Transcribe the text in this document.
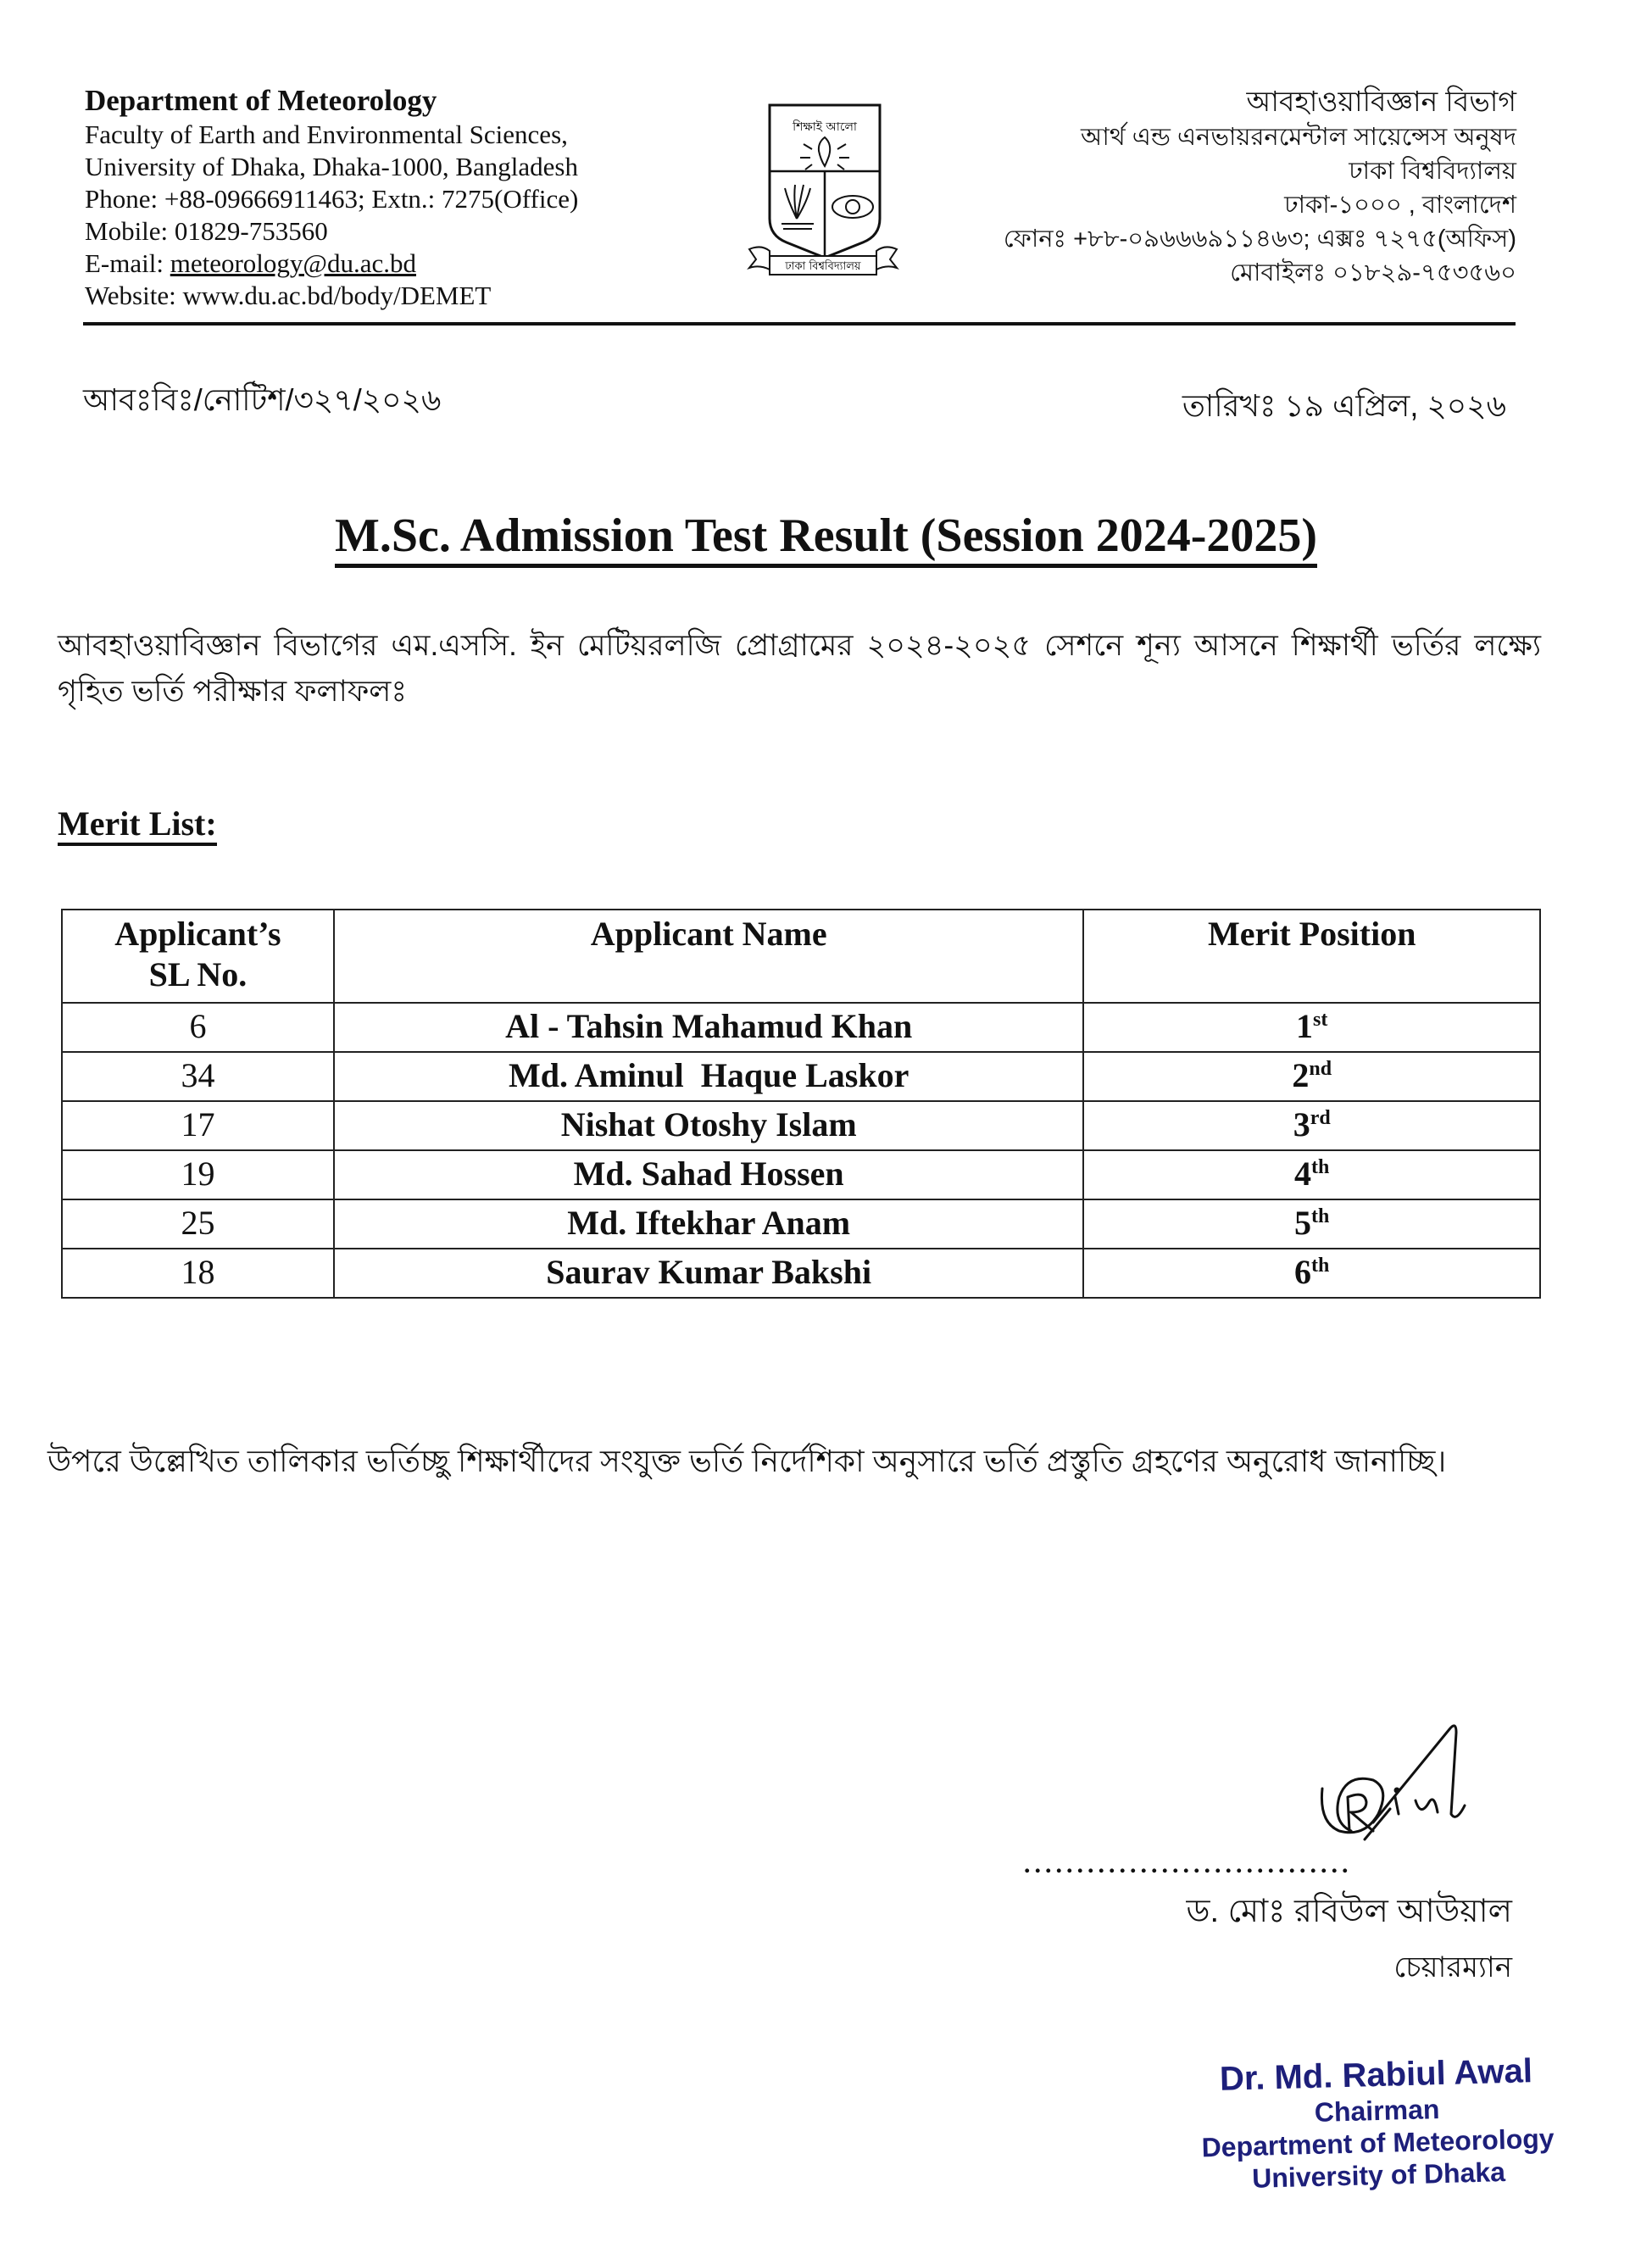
Department of Meteorology
Faculty of Earth and Environmental Sciences,
University of Dhaka, Dhaka-1000, Bangladesh
Phone: +88-09666911463; Extn.: 7275(Office)
Mobile: 01829-753560
E-mail: meteorology@du.ac.bd
Website: www.du.ac.bd/body/DEMET
শিক্ষাই আলো
ঢাকা বিশ্ববিদ্যালয়
আবহাওয়াবিজ্ঞান বিভাগ
আর্থ এন্ড এনভায়রনমেন্টাল সায়েন্সেস অনুষদ
ঢাকা বিশ্ববিদ্যালয়
ঢাকা-১০০০ , বাংলাদেশ
ফোনঃ +৮৮-০৯৬৬৬৯১১৪৬৩; এক্সঃ ৭২৭৫(অফিস)
মোবাইলঃ ০১৮২৯-৭৫৩৫৬০
আবঃবিঃ/নোটিশ/৩২৭/২০২৬	তারিখঃ ১৯ এপ্রিল, ২০২৬
M.Sc. Admission Test Result (Session 2024-2025)
আবহাওয়াবিজ্ঞান বিভাগের এম.এসসি. ইন মেটিয়রলজি প্রোগ্রামের ২০২৪-২০২৫ সেশনে শূন্য আসনে শিক্ষার্থী ভর্তির লক্ষ্যে গৃহিত ভর্তি পরীক্ষার ফলাফলঃ
Merit List:
Applicant’s
SL No.	Applicant Name	Merit Position
6	Al - Tahsin Mahamud Khan	1st
34	Md. Aminul  Haque Laskor	2nd
17	Nishat Otoshy Islam	3rd
19	Md. Sahad Hossen	4th
25	Md. Iftekhar Anam	5th
18	Saurav Kumar Bakshi	6th
উপরে উল্লেখিত তালিকার ভর্তিচ্ছু শিক্ষার্থীদের সংযুক্ত ভর্তি নির্দেশিকা অনুসারে ভর্তি প্রস্তুতি গ্রহণের অনুরোধ জানাচ্ছি।
...............................
ড. মোঃ রবিউল আউয়াল
চেয়ারম্যান
Dr. Md. Rabiul Awal
Chairman
Department of Meteorology
University of Dhaka
